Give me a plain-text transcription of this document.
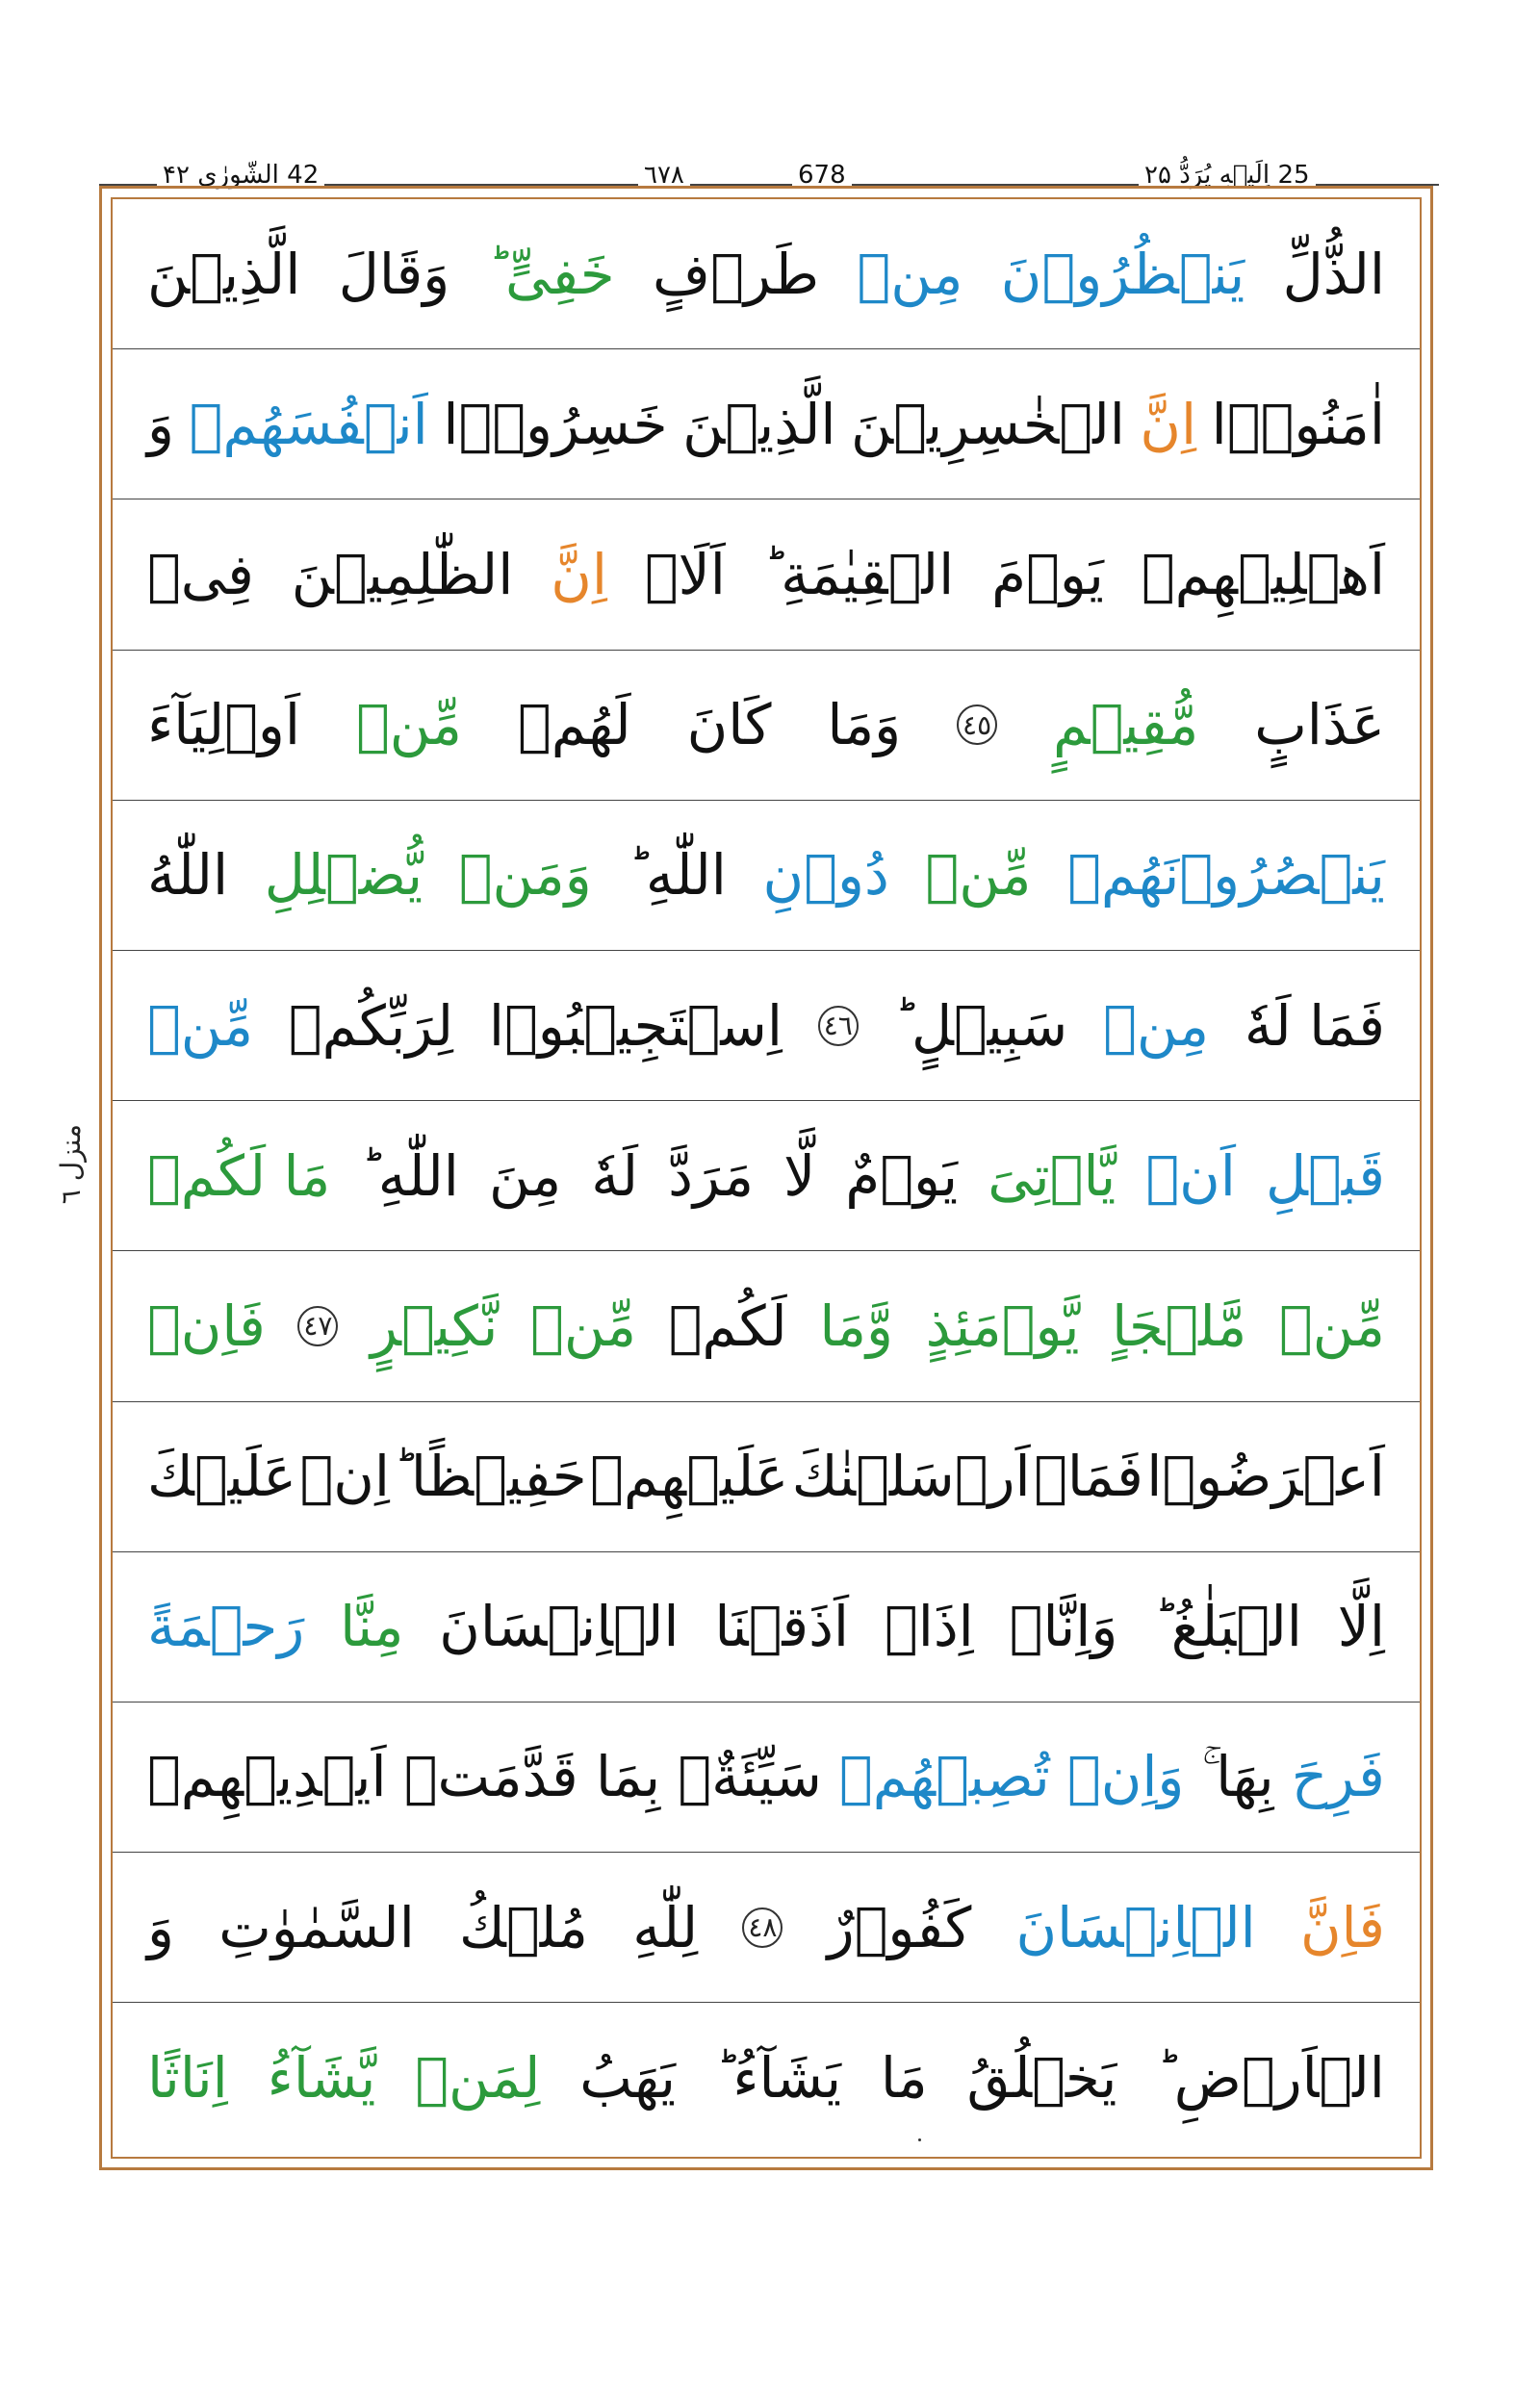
42 الشّورٰى ۴۲	٦٧٨	678	25 اِلَيۡهِ يُرَدُّ ۲۵
منزل ٦
الذُّلِّ
يَنۡظُرُوۡنَ
مِنۡ
طَرۡفٍ
خَفِىٍّ ؕ
وَقَالَ
الَّذِيۡنَ
اٰمَنُوۡۤا
اِنَّ
الۡخٰسِرِيۡنَ
الَّذِيۡنَ
خَسِرُوۡۤا
اَنۡفُسَهُمۡ
وَ
اَهۡلِيۡهِمۡ
يَوۡمَ
الۡقِيٰمَةِ ؕ
اَلَاۤ
اِنَّ
الظّٰلِمِيۡنَ
فِىۡ
عَذَابٍ
مُّقِيۡمٍ
٤٥
وَمَا
كَانَ
لَهُمۡ
مِّنۡ
اَوۡلِيَآءَ
يَنۡصُرُوۡنَهُمۡ
مِّنۡ
دُوۡنِ
اللّٰهِ ؕ
وَمَنۡ
يُّضۡلِلِ
اللّٰهُ
فَمَا لَهٗ
مِنۡ
سَبِيۡلٍ ؕ
٤٦
اِسۡتَجِيۡبُوۡا
لِرَبِّكُمۡ
مِّنۡ
قَبۡلِ
اَنۡ
يَّاۡتِىَ
يَوۡمٌ
لَّا
مَرَدَّ
لَهٗ
مِنَ
اللّٰهِ ؕ
مَا لَكُمۡ
مِّنۡ
مَّلۡجَاٍ
يَّوۡمَئِذٍ
وَّمَا
لَكُمۡ
مِّنۡ
نَّكِيۡرٍ
٤٧
فَاِنۡ
اَعۡرَضُوۡا
فَمَاۤ
اَرۡسَلۡنٰكَ
عَلَيۡهِمۡ
حَفِيۡظًا ؕ
اِنۡ
عَلَيۡكَ
اِلَّا
الۡبَلٰغُ ؕ
وَاِنَّاۤ
اِذَاۤ
اَذَقۡنَا
الۡاِنۡسَانَ
مِنَّا
رَحۡمَةً
فَرِحَ
بِهَا ۚ
وَاِنۡ
تُصِبۡهُمۡ
سَيِّئَةٌۢ
بِمَا
قَدَّمَتۡ
اَيۡدِيۡهِمۡ
فَاِنَّ
الۡاِنۡسَانَ
كَفُوۡرٌ
٤٨
لِلّٰهِ
مُلۡكُ
السَّمٰوٰتِ
وَ
الۡاَرۡضِ ؕ
يَخۡلُقُ
مَا
يَشَآءُ ؕ
يَهَبُ
لِمَنۡ
يَّشَآءُ
اِنَاثًا
